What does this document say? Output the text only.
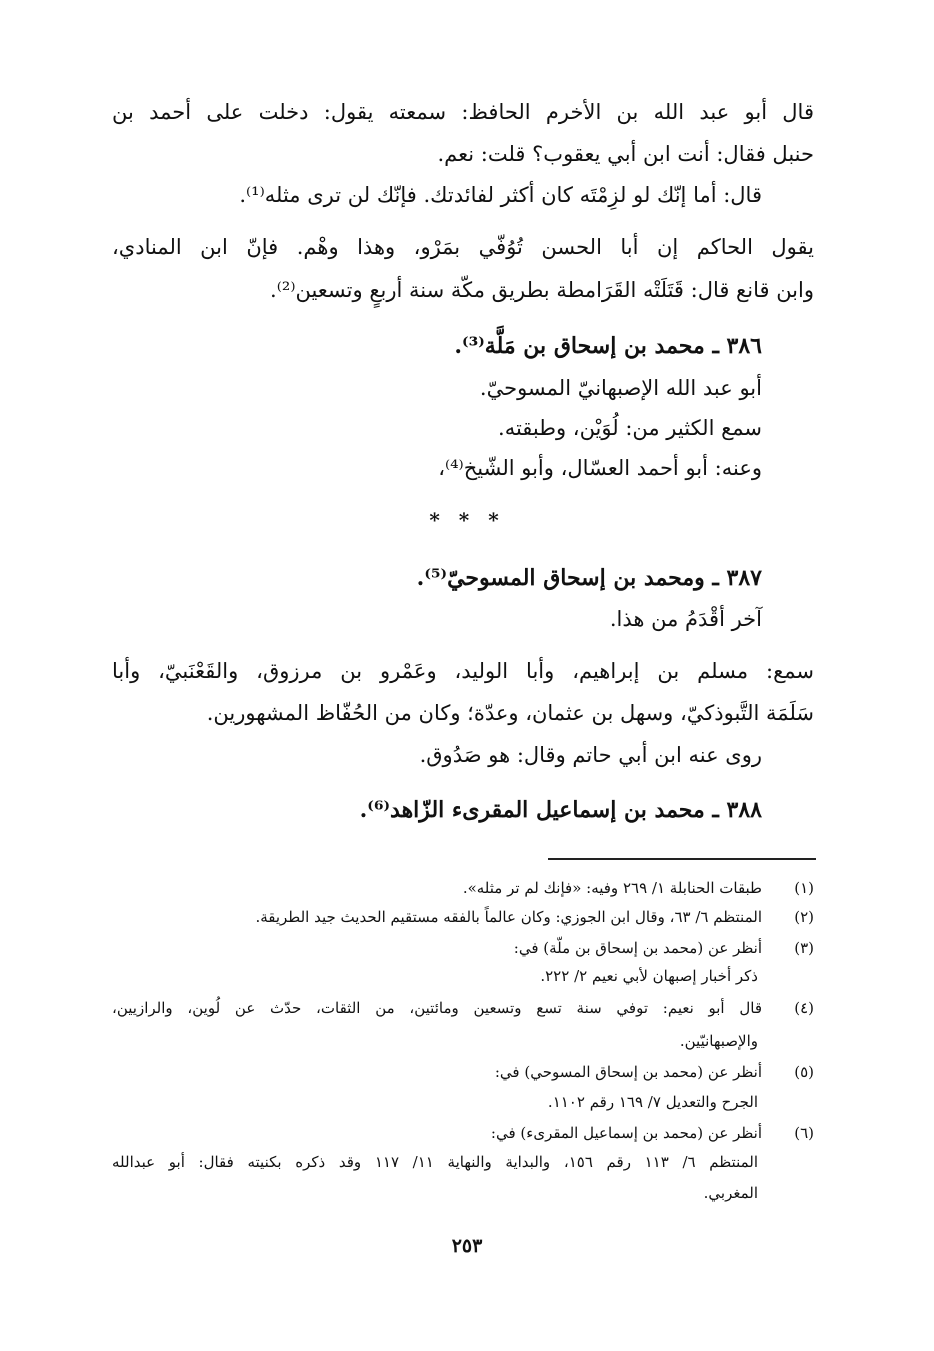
قال أبو عبد الله بن الأخرم الحافظ: سمعته يقول: دخلت على أحمد بن
حنبل فقال: أنت ابن أبي يعقوب؟ قلت: نعم.
قال: أما إنّك لو لزِمْتَه كان أكثر لفائدتك. فإنّك لن ترى مثله⁽¹⁾.
يقول الحاكم إن أبا الحسن تُوُفّي بمَرْو، وهذا وهْم. فإنّ ابن المنادي،
وابن قانع قال: قَتَلَتْه القَرَامطة بطريق مكّة سنة أربعٍ وتسعين⁽²⁾.
٣٨٦ ـ محمد بن إسحاق بن مَلَّة⁽³⁾.
أبو عبد الله الإصبهانيّ المسوحيّ.
سمع الكثير من: لُوَيْن، وطبقته.
وعنه: أبو أحمد العسّال، وأبو الشّيخ⁽⁴⁾،
* * *
٣٨٧ ـ ومحمد بن إسحاق المسوحيّ⁽⁵⁾.
آخر أقْدَمُ من هذا.
سمع: مسلم بن إبراهيم، وأبا الوليد، وعَمْرو بن مرزوق، والقَعْنَبيّ، وأبا
سَلَمَة التَّبوذكيّ، وسهل بن عثمان، وعدّة؛ وكان من الحُفّاظ المشهورين.
روى عنه ابن أبي حاتم وقال: هو صَدُوق.
٣٨٨ ـ محمد بن إسماعيل المقرىء الزّاهد⁽⁶⁾.
(١)طبقات الحنابلة ١/ ٢٦٩ وفيه: «فإنك لم تر مثله».
(٢)المنتظم ٦/ ٦٣، وقال ابن الجوزي: وكان عالماً بالفقه مستقيم الحديث جيد الطريقة.
(٣)أنظر عن (محمد بن إسحاق بن ملّة) في:
ذكر أخبار إصبهان لأبي نعيم ٢/ ٢٢٢.
(٤)قال أبو نعيم: توفي سنة تسع وتسعين ومائتين، من الثقات، حدّث عن لُوين، والرازيين،
والإصبهانيّين.
(٥)أنظر عن (محمد بن إسحاق المسوحي) في:
الجرح والتعديل ٧/ ١٦٩ رقم ١١٠٢.
(٦)أنظر عن (محمد بن إسماعيل المقرىء) في:
المنتظم ٦/ ١١٣ رقم ١٥٦، والبداية والنهاية ١١/ ١١٧ وقد ذكره بكنيته فقال: أبو عبدالله
المغربي.
٢٥٣
